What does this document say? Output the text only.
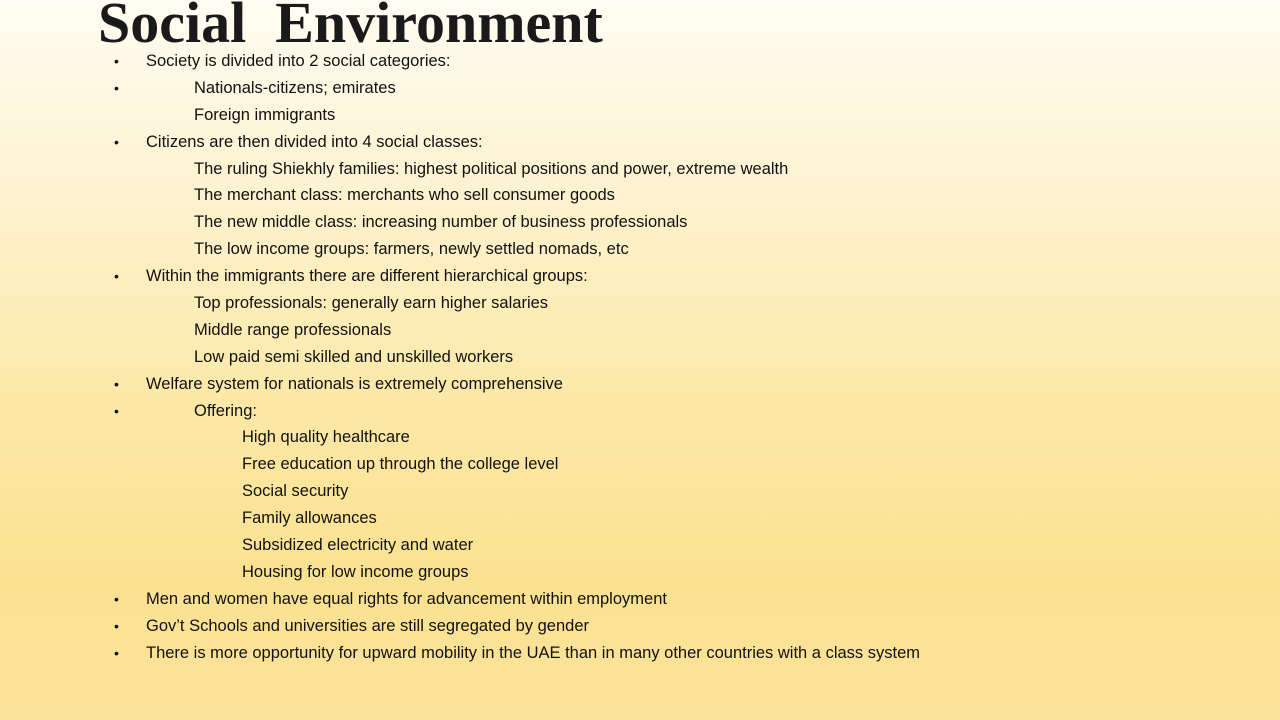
Social  Environment
• Society is divided into 2 social categories:
•	Nationals-citizens; emirates
Foreign immigrants
• Citizens are then divided into 4 social classes:
The ruling Shiekhly families: highest political positions and power, extreme wealth
The merchant class: merchants who sell consumer goods
The new middle class: increasing number of business professionals
The low income groups: farmers, newly settled nomads, etc
• Within the immigrants there are different hierarchical groups:
Top professionals: generally earn higher salaries
Middle range professionals
Low paid semi skilled and unskilled workers
• Welfare system for nationals is extremely comprehensive
•	Offering:
High quality healthcare
Free education up through the college level
Social security
Family allowances
Subsidized electricity and water
Housing for low income groups
• Men and women have equal rights for advancement within employment
• Gov’t Schools and universities are still segregated by gender
• There is more opportunity for upward mobility in the UAE than in many other countries with a class system
